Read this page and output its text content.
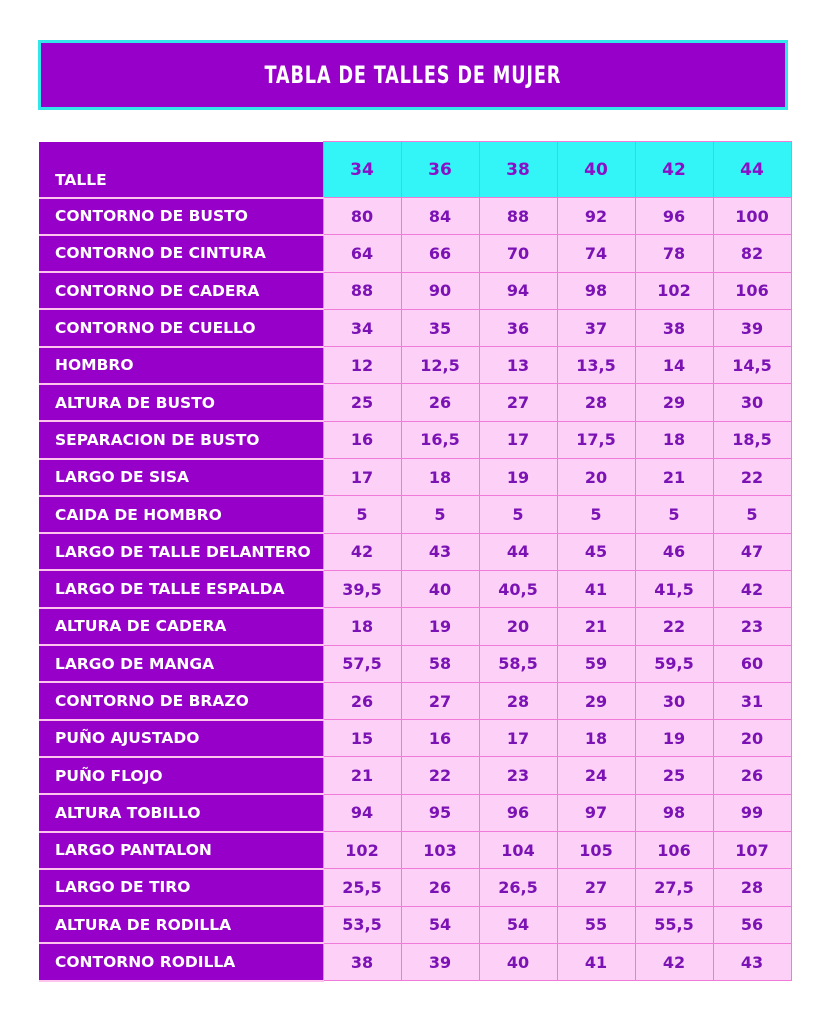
TABLA DE TALLES DE MUJER
TALLE	34	36	38	40	42	44
CONTORNO DE BUSTO	80	84	88	92	96	100
CONTORNO DE CINTURA	64	66	70	74	78	82
CONTORNO DE CADERA	88	90	94	98	102	106
CONTORNO DE CUELLO	34	35	36	37	38	39
HOMBRO	12	12,5	13	13,5	14	14,5
ALTURA DE BUSTO	25	26	27	28	29	30
SEPARACION DE BUSTO	16	16,5	17	17,5	18	18,5
LARGO DE SISA	17	18	19	20	21	22
CAIDA DE HOMBRO	5	5	5	5	5	5
LARGO DE TALLE DELANTERO	42	43	44	45	46	47
LARGO DE TALLE ESPALDA	39,5	40	40,5	41	41,5	42
ALTURA DE CADERA	18	19	20	21	22	23
LARGO DE MANGA	57,5	58	58,5	59	59,5	60
CONTORNO DE BRAZO	26	27	28	29	30	31
PUÑO AJUSTADO	15	16	17	18	19	20
PUÑO FLOJO	21	22	23	24	25	26
ALTURA TOBILLO	94	95	96	97	98	99
LARGO PANTALON	102	103	104	105	106	107
LARGO DE TIRO	25,5	26	26,5	27	27,5	28
ALTURA DE RODILLA	53,5	54	54	55	55,5	56
CONTORNO RODILLA	38	39	40	41	42	43
